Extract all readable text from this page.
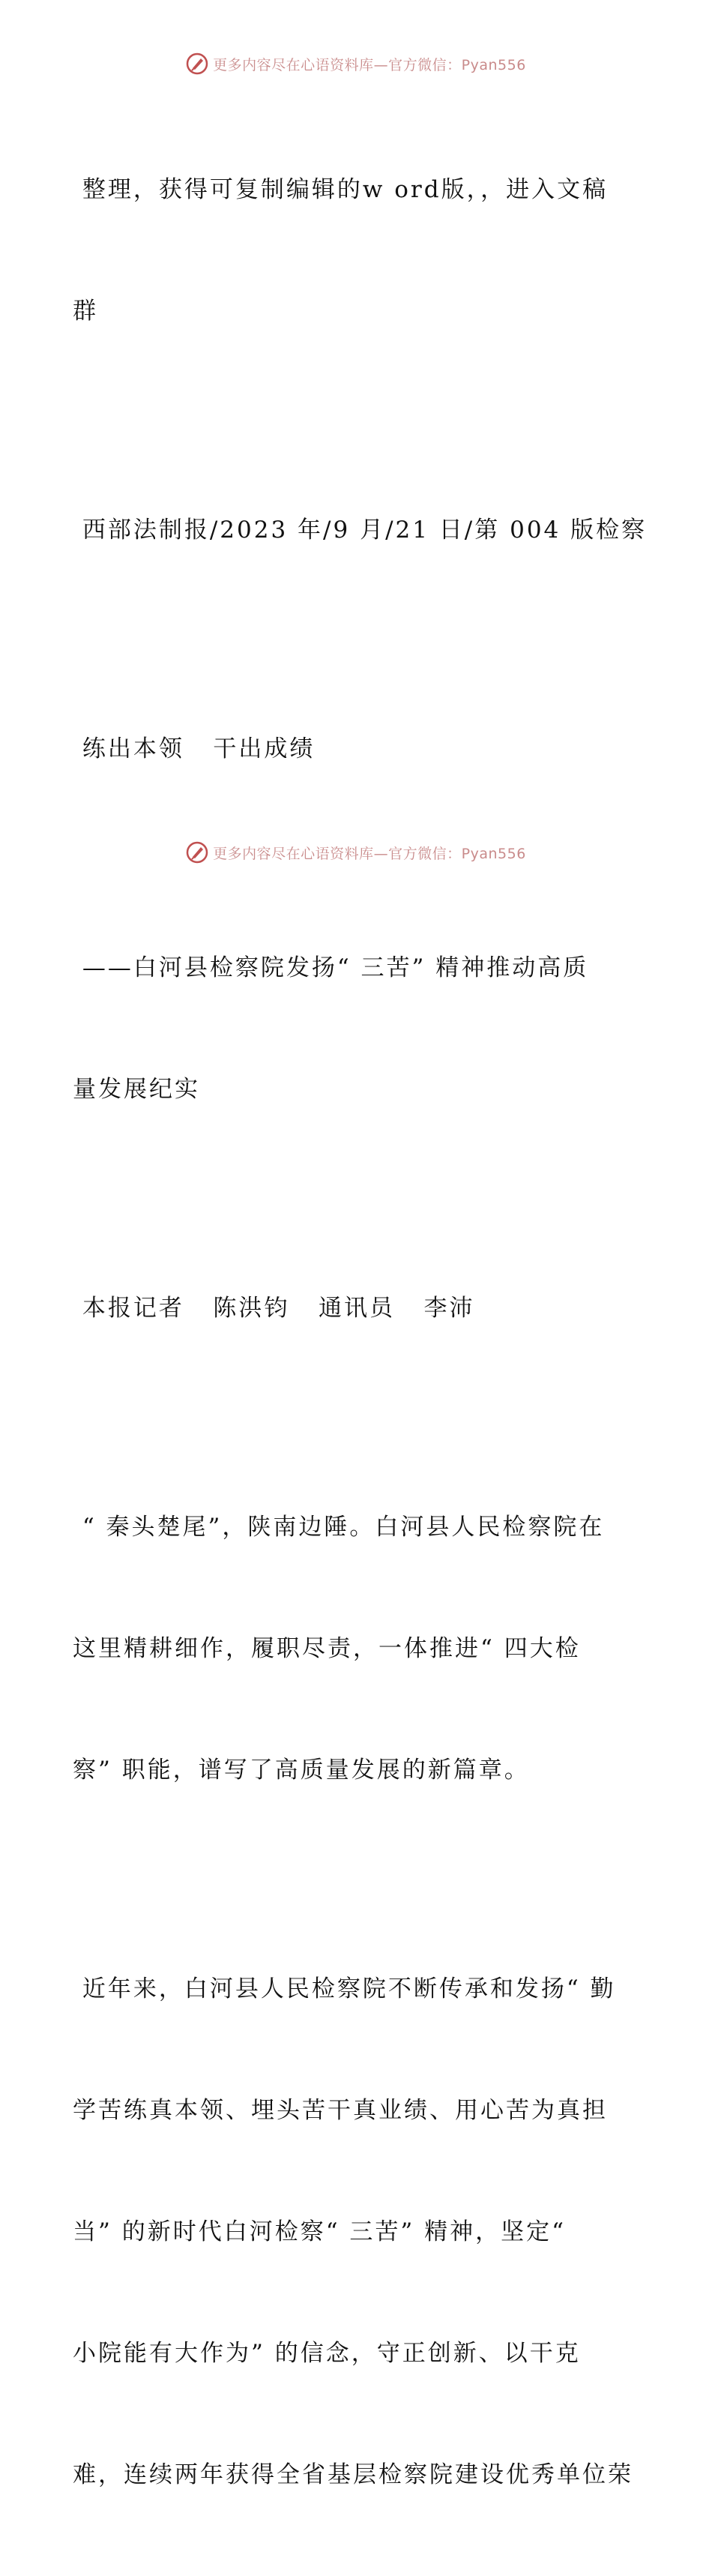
更多内容尽在心语资料库—官方微信：Pyan556

整理，获得可复制编辑的w ord版，，进入文稿

群

西部法制报/2023 年/9 月/21 日/第 004 版检察

练出本领   干出成绩

——白河县检察院发扬“ 三苦” 精神推动高质

量发展纪实

本报记者   陈洪钧   通讯员   李沛

“ 秦头楚尾”，陕南边陲。白河县人民检察院在

这里精耕细作，履职尽责，一体推进“ 四大检

察” 职能，谱写了高质量发展的新篇章。

近年来，白河县人民检察院不断传承和发扬“ 勤

学苦练真本领、埋头苦干真业绩、用心苦为真担

当” 的新时代白河检察“ 三苦” 精神，坚定“

小院能有大作为” 的信念，守正创新、以干克

难，连续两年获得全省基层检察院建设优秀单位荣

更多内容尽在心语资料库—官方微信：Pyan556
